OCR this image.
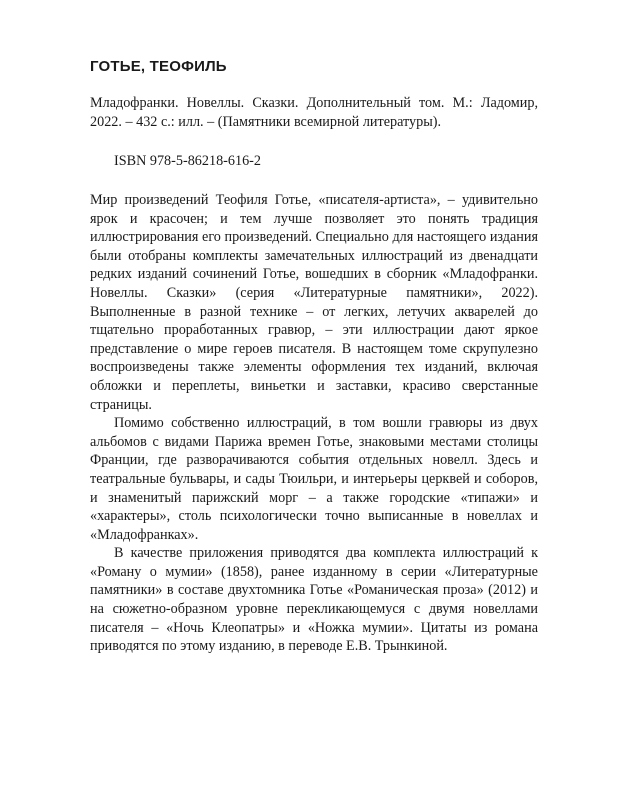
ГОТЬЕ, ТЕОФИЛЬ

Младофранки. Новеллы. Сказки. Дополнительный том. М.: Ладомир, 2022. – 432 с.: илл. – (Памятники всемирной литературы).

ISBN 978-5-86218-616-2

Мир произведений Теофиля Готье, «писателя-артиста», – удивительно ярок и красочен; и тем лучше позволяет это понять традиция иллюстрирования его произведений. Специально для настоящего издания были отобраны комплекты замечательных иллюстраций из двенадцати редких изданий сочинений Готье, вошедших в сборник «Младофранки. Новеллы. Сказки» (серия «Литературные памятники», 2022). Выполненные в разной технике – от легких, летучих акварелей до тщательно проработанных гравюр, – эти иллюстрации дают яркое представление о мире героев писателя. В настоящем томе скрупулезно воспроизведены также элементы оформления тех изданий, включая обложки и переплеты, виньетки и заставки, красиво сверстанные страницы.

Помимо собственно иллюстраций, в том вошли гравюры из двух альбомов с видами Парижа времен Готье, знаковыми местами столицы Франции, где разворачиваются события отдельных новелл. Здесь и театральные бульвары, и сады Тюильри, и интерьеры церквей и соборов, и знаменитый парижский морг – а также городские «типажи» и «характеры», столь психологически точно выписанные в новеллах и «Младофранках».

В качестве приложения приводятся два комплекта иллюстраций к «Роману о мумии» (1858), ранее изданному в серии «Литературные памятники» в составе двухтомника Готье «Романическая проза» (2012) и на сюжетно-образном уровне перекликающемуся с двумя новеллами писателя – «Ночь Клеопатры» и «Ножка мумии». Цитаты из романа приводятся по этому изданию, в переводе Е.В. Трынкиной.
